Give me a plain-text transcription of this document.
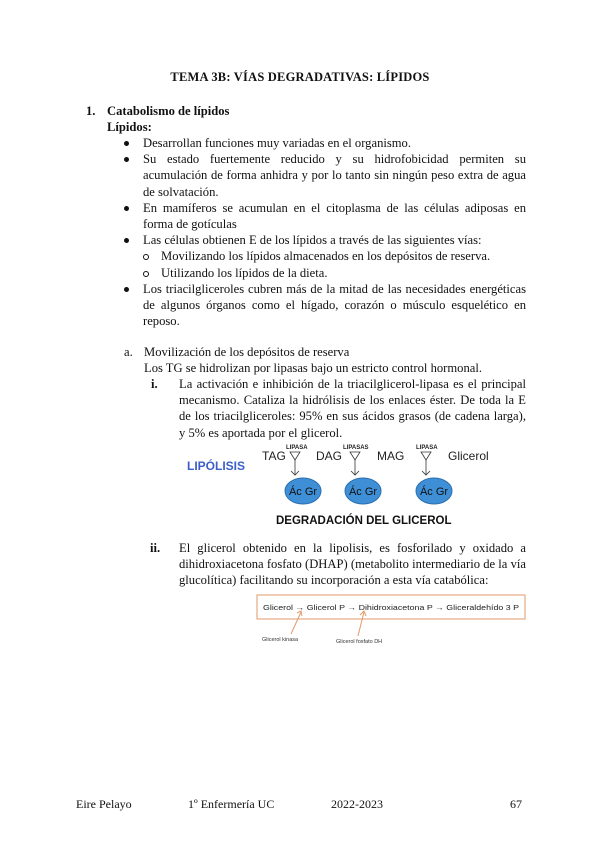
TEMA 3B: VÍAS DEGRADATIVAS: LÍPIDOS
1. Catabolismo de lípidos
Lípidos:
Desarrollan funciones muy variadas en el organismo.
Su estado fuertemente reducido y su hidrofobicidad permiten su acumulación de forma anhidra y por lo tanto sin ningún peso extra de agua de solvatación.
En mamíferos se acumulan en el citoplasma de las células adiposas en forma de gotículas
Las células obtienen E de los lípidos a través de las siguientes vías:
Movilizando los lípidos almacenados en los depósitos de reserva.
Utilizando los lípidos de la dieta.
Los triacilgliceroles cubren más de la mitad de las necesidades energéticas de algunos órganos como el hígado, corazón o músculo esquelético en reposo.
a. Movilización de los depósitos de reserva
Los TG se hidrolizan por lipasas bajo un estricto control hormonal.
i. La activación e inhibición de la triacilglicerol-lipasa es el principal mecanismo. Cataliza la hidrólisis de los enlaces éster. De toda la E de los triacilgliceroles: 95% en sus ácidos grasos (de cadena larga), y 5% es aportada por el glicerol.
LIPÓLISIS
TAG	DAG	MAG	Glicerol
LIPASA	LIPASAS	LIPASA
Ác Gr	Ác Gr	Ác Gr
DEGRADACIÓN DEL GLICEROL
ii. El glicerol obtenido en la lipolisis, es fosforilado y oxidado a dihidroxiacetona fosfato (DHAP) (metabolito intermediario de la vía glucolítica) facilitando su incorporación a esta vía catabólica:
Glicerol → Glicerol P → Dihidroxiacetona P → Gliceraldehído 3 P
Glicerol kinasa	Glicerol fosfato DH
Eire Pelayo	1º Enfermería UC	2022-2023	67
